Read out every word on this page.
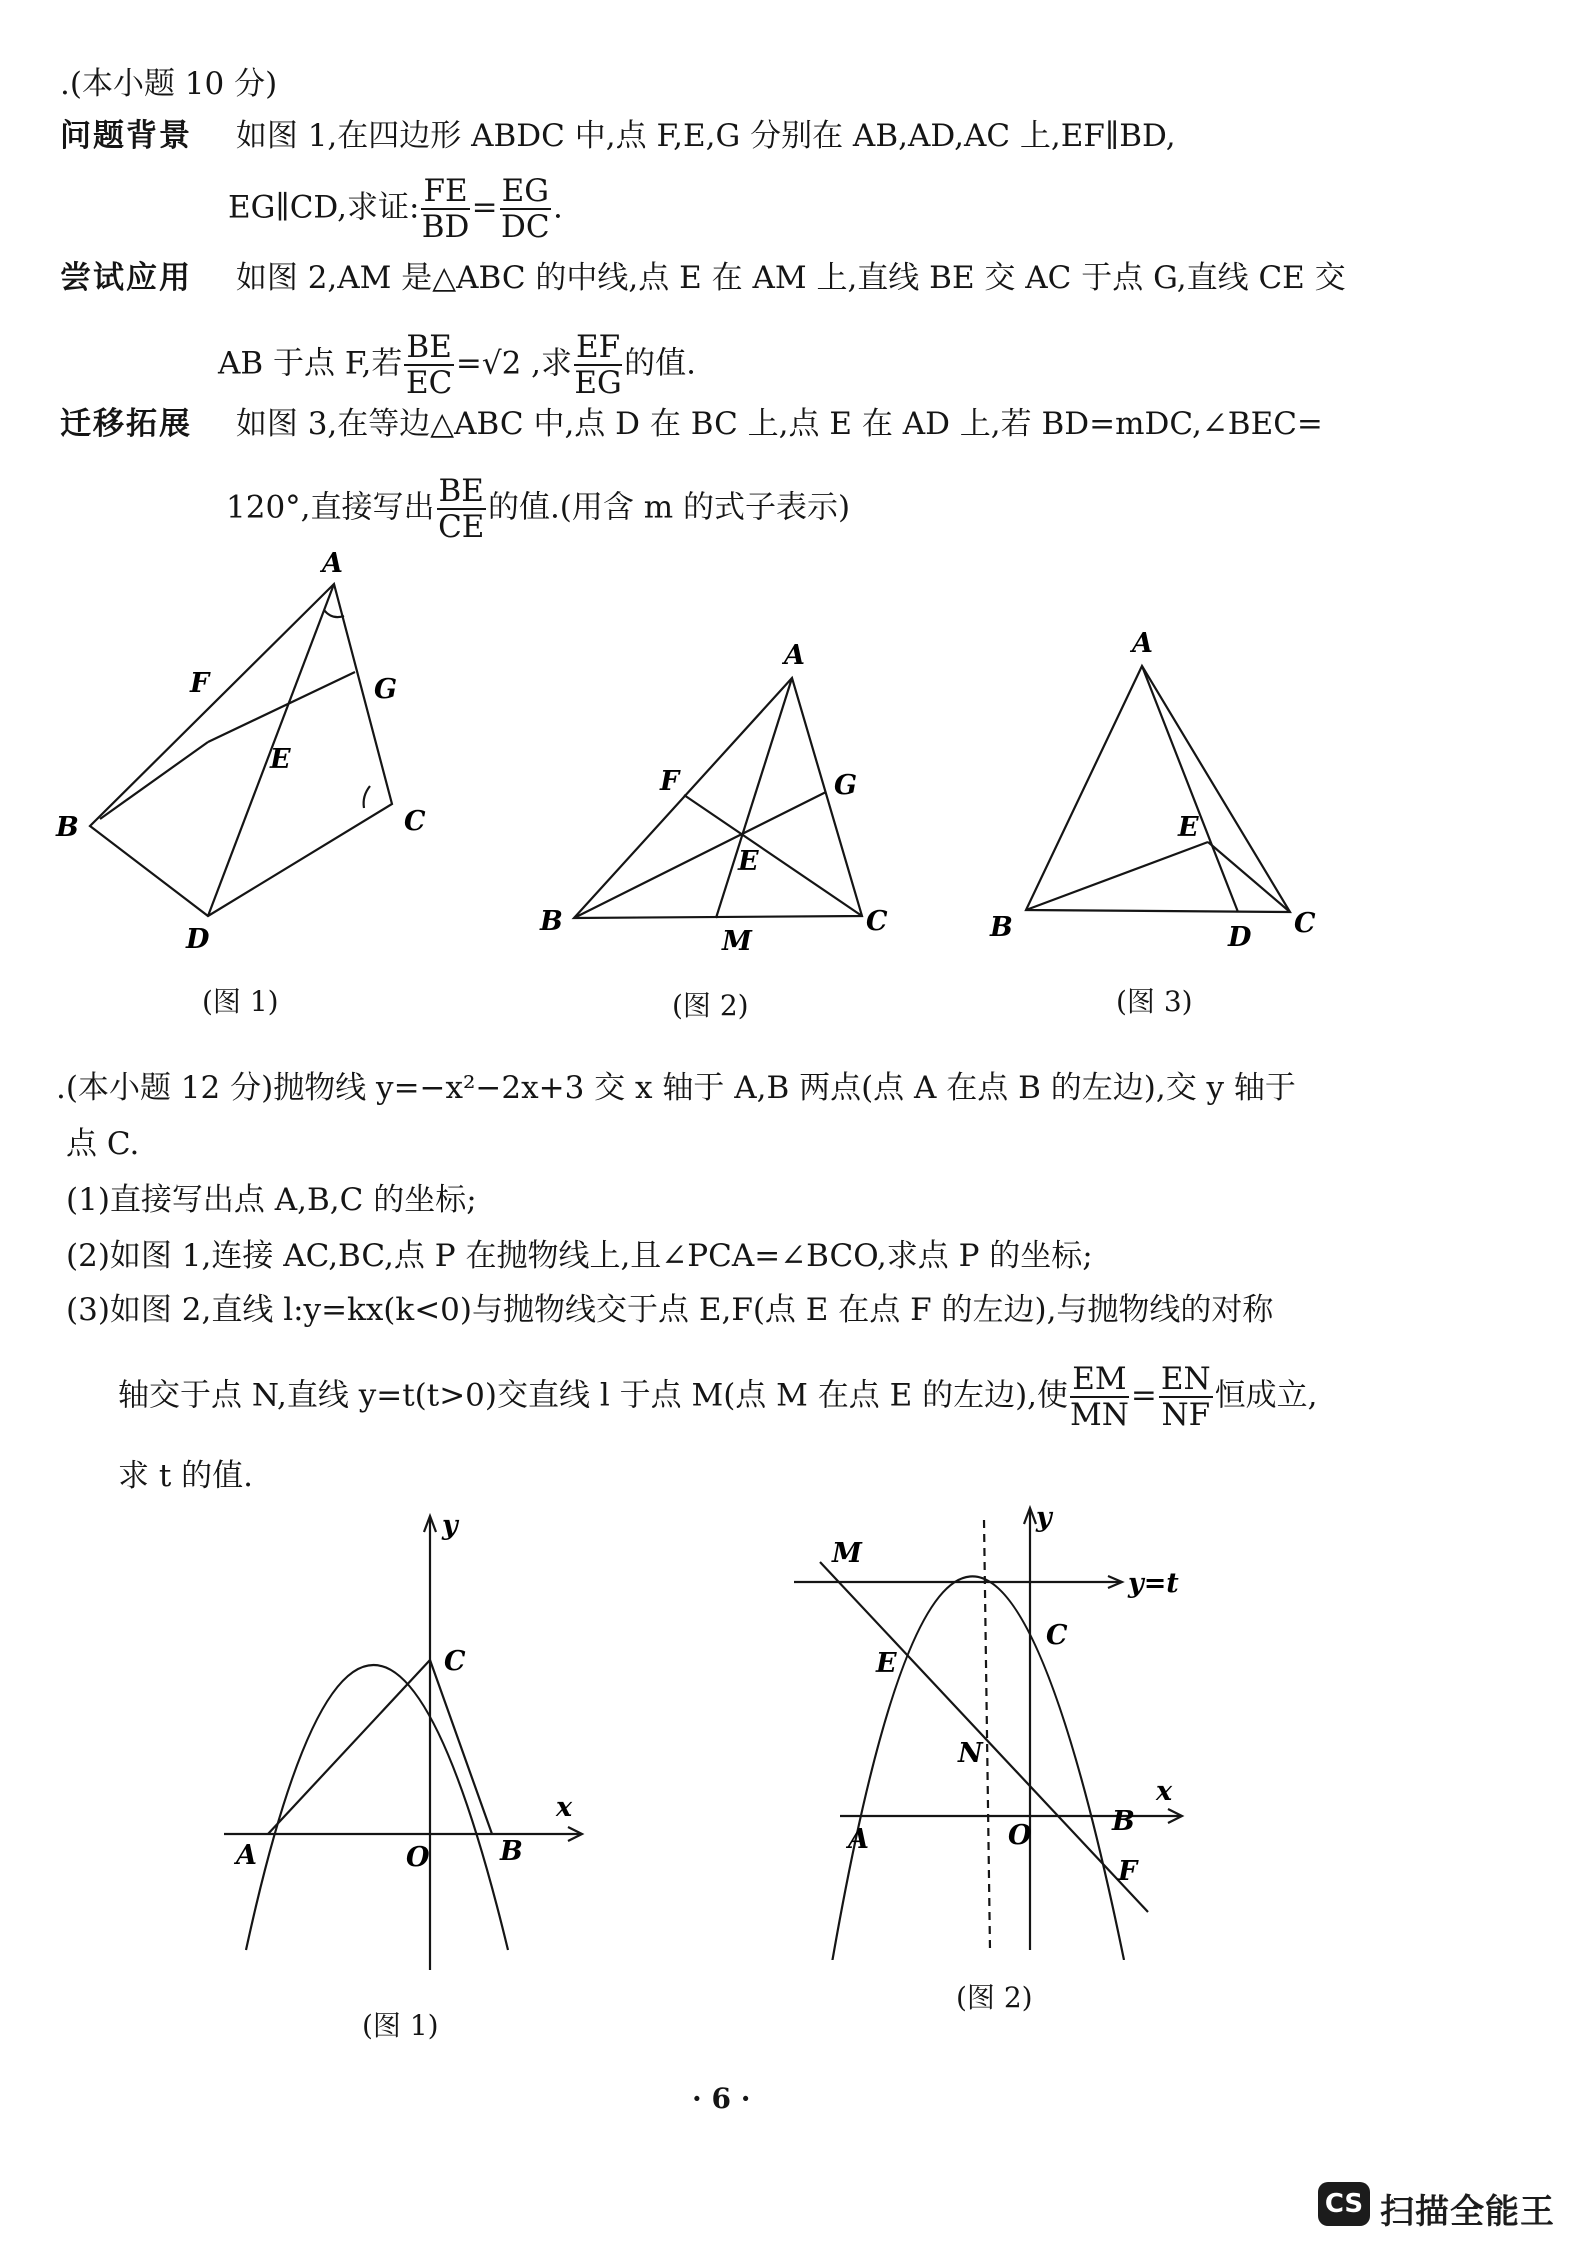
.(本小题 10 分)
问题背景 如图 1,在四边形 ABDC 中,点 F,E,G 分别在 AB,AD,AC 上,EF∥BD,
EG∥CD,求证: $\frac{FE}{BD} = \frac{EG}{DC}$ .
尝试应用 如图 2,AM 是△ABC 的中线,点 E 在 AM 上,直线 BE 交 AC 于点 G,直线 CE 交
AB 于点 F,若 $\frac{BE}{EC} =√2$ ,求 $\frac{EF}{EG}$ 的值.
迁移拓展 如图 3,在等边△ABC 中,点 D 在 BC 上,点 E 在 AD 上,若 BD=mDC,∠BEC=
120°,直接写出 $\frac{BE}{CE}$ 的值.(用含 m 的式子表示)
A
F	G
E
B	C
D
(图 1)
A
F	G
E
B	C
M
(图 2)
A
E
B	D C
(图 3)
.(本小题 12 分)抛物线 y=−x²−2x+3 交 x 轴于 A,B 两点(点 A 在点 B 的左边),交 y 轴于
点 C.
(1)直接写出点 A,B,C 的坐标;
(2)如图 1,连接 AC,BC,点 P 在抛物线上,且∠PCA=∠BCO,求点 P 的坐标;
(3)如图 2,直线 l:y=kx(k<0)与抛物线交于点 E,F(点 E 在点 F 的左边),与抛物线的对称
轴交于点 N,直线 y=t(t>0)交直线 l 于点 M(点 M 在点 E 的左边),使 $\frac{EM}{MN} = \frac{EN}{NF}$ 恒成立,
求 t 的值.
y
x
C
A	O	B
(图 1)
y
x
M
y=t
C
E
N
A	O	B
F
(图 2)
· 6 ·
CS 扫描全能王
